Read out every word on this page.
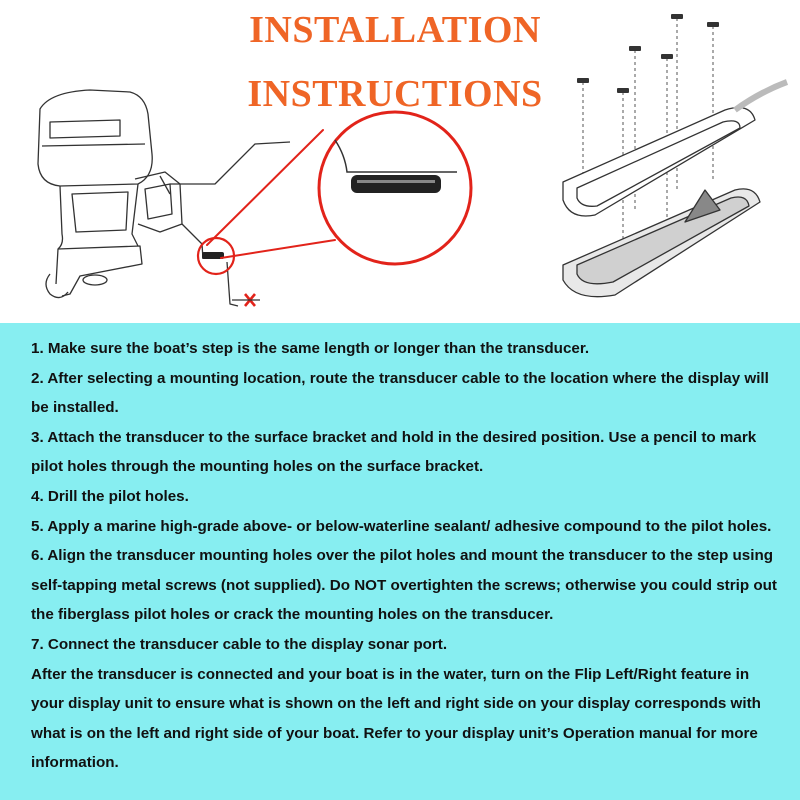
INSTALLATION
INSTRUCTIONS
1. Make sure the boat’s step is the same length or longer than the transducer.
2. After selecting a mounting location, route the transducer cable to the location where the display will be installed.
3. Attach the transducer to the surface bracket and hold in the desired position. Use a pencil to mark pilot holes through the mounting holes on the surface bracket.
4. Drill the pilot holes.
5. Apply a marine high-grade above- or below-waterline sealant/ adhesive compound to the pilot holes.
6. Align the transducer mounting holes over the pilot holes and mount the transducer to the step using self-tapping metal screws (not supplied). Do NOT overtighten the screws; otherwise you could strip out the fiberglass pilot holes or crack the mounting holes on the transducer.
7. Connect the transducer cable to the display sonar port.
After the transducer is connected and your boat is in the water, turn on the Flip Left/Right feature in your display unit to ensure what is shown on the left and right side on your display corresponds with what is on the left and right side of your boat. Refer to your display unit’s Operation manual for more information.
